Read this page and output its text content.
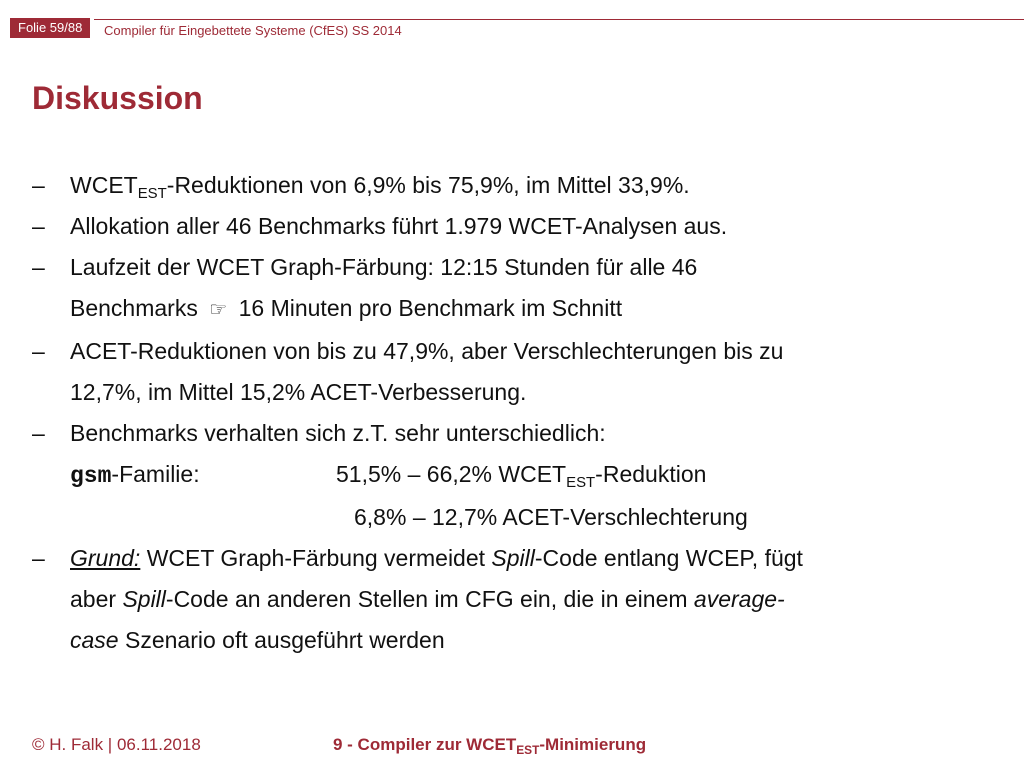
Folie 59/88	Compiler für Eingebettete Systeme (CfES) SS 2014
Diskussion
– $WCET_{EST}$-Reduktionen von 6,9% bis 75,9%, im Mittel 33,9%.
– Allokation aller 46 Benchmarks führt 1.979 WCET-Analysen aus.
– Laufzeit der WCET Graph-Färbung: 12:15 Stunden für alle 46
Benchmarks ☞ 16 Minuten pro Benchmark im Schnitt
– ACET-Reduktionen von bis zu 47,9%, aber Verschlechterungen bis zu
12,7%, im Mittel 15,2% ACET-Verbesserung.
– Benchmarks verhalten sich z.T. sehr unterschiedlich:
gsm-Familie:	51,5% – 66,2% $WCET_{EST}$-Reduktion
6,8% – 12,7% ACET-Verschlechterung
– Grund: WCET Graph-Färbung vermeidet Spill-Code entlang WCEP, fügt
aber Spill-Code an anderen Stellen im CFG ein, die in einem average-
case Szenario oft ausgeführt werden
© H. Falk | 06.11.2018	9 - Compiler zur $WCET_{EST}$-Minimierung
